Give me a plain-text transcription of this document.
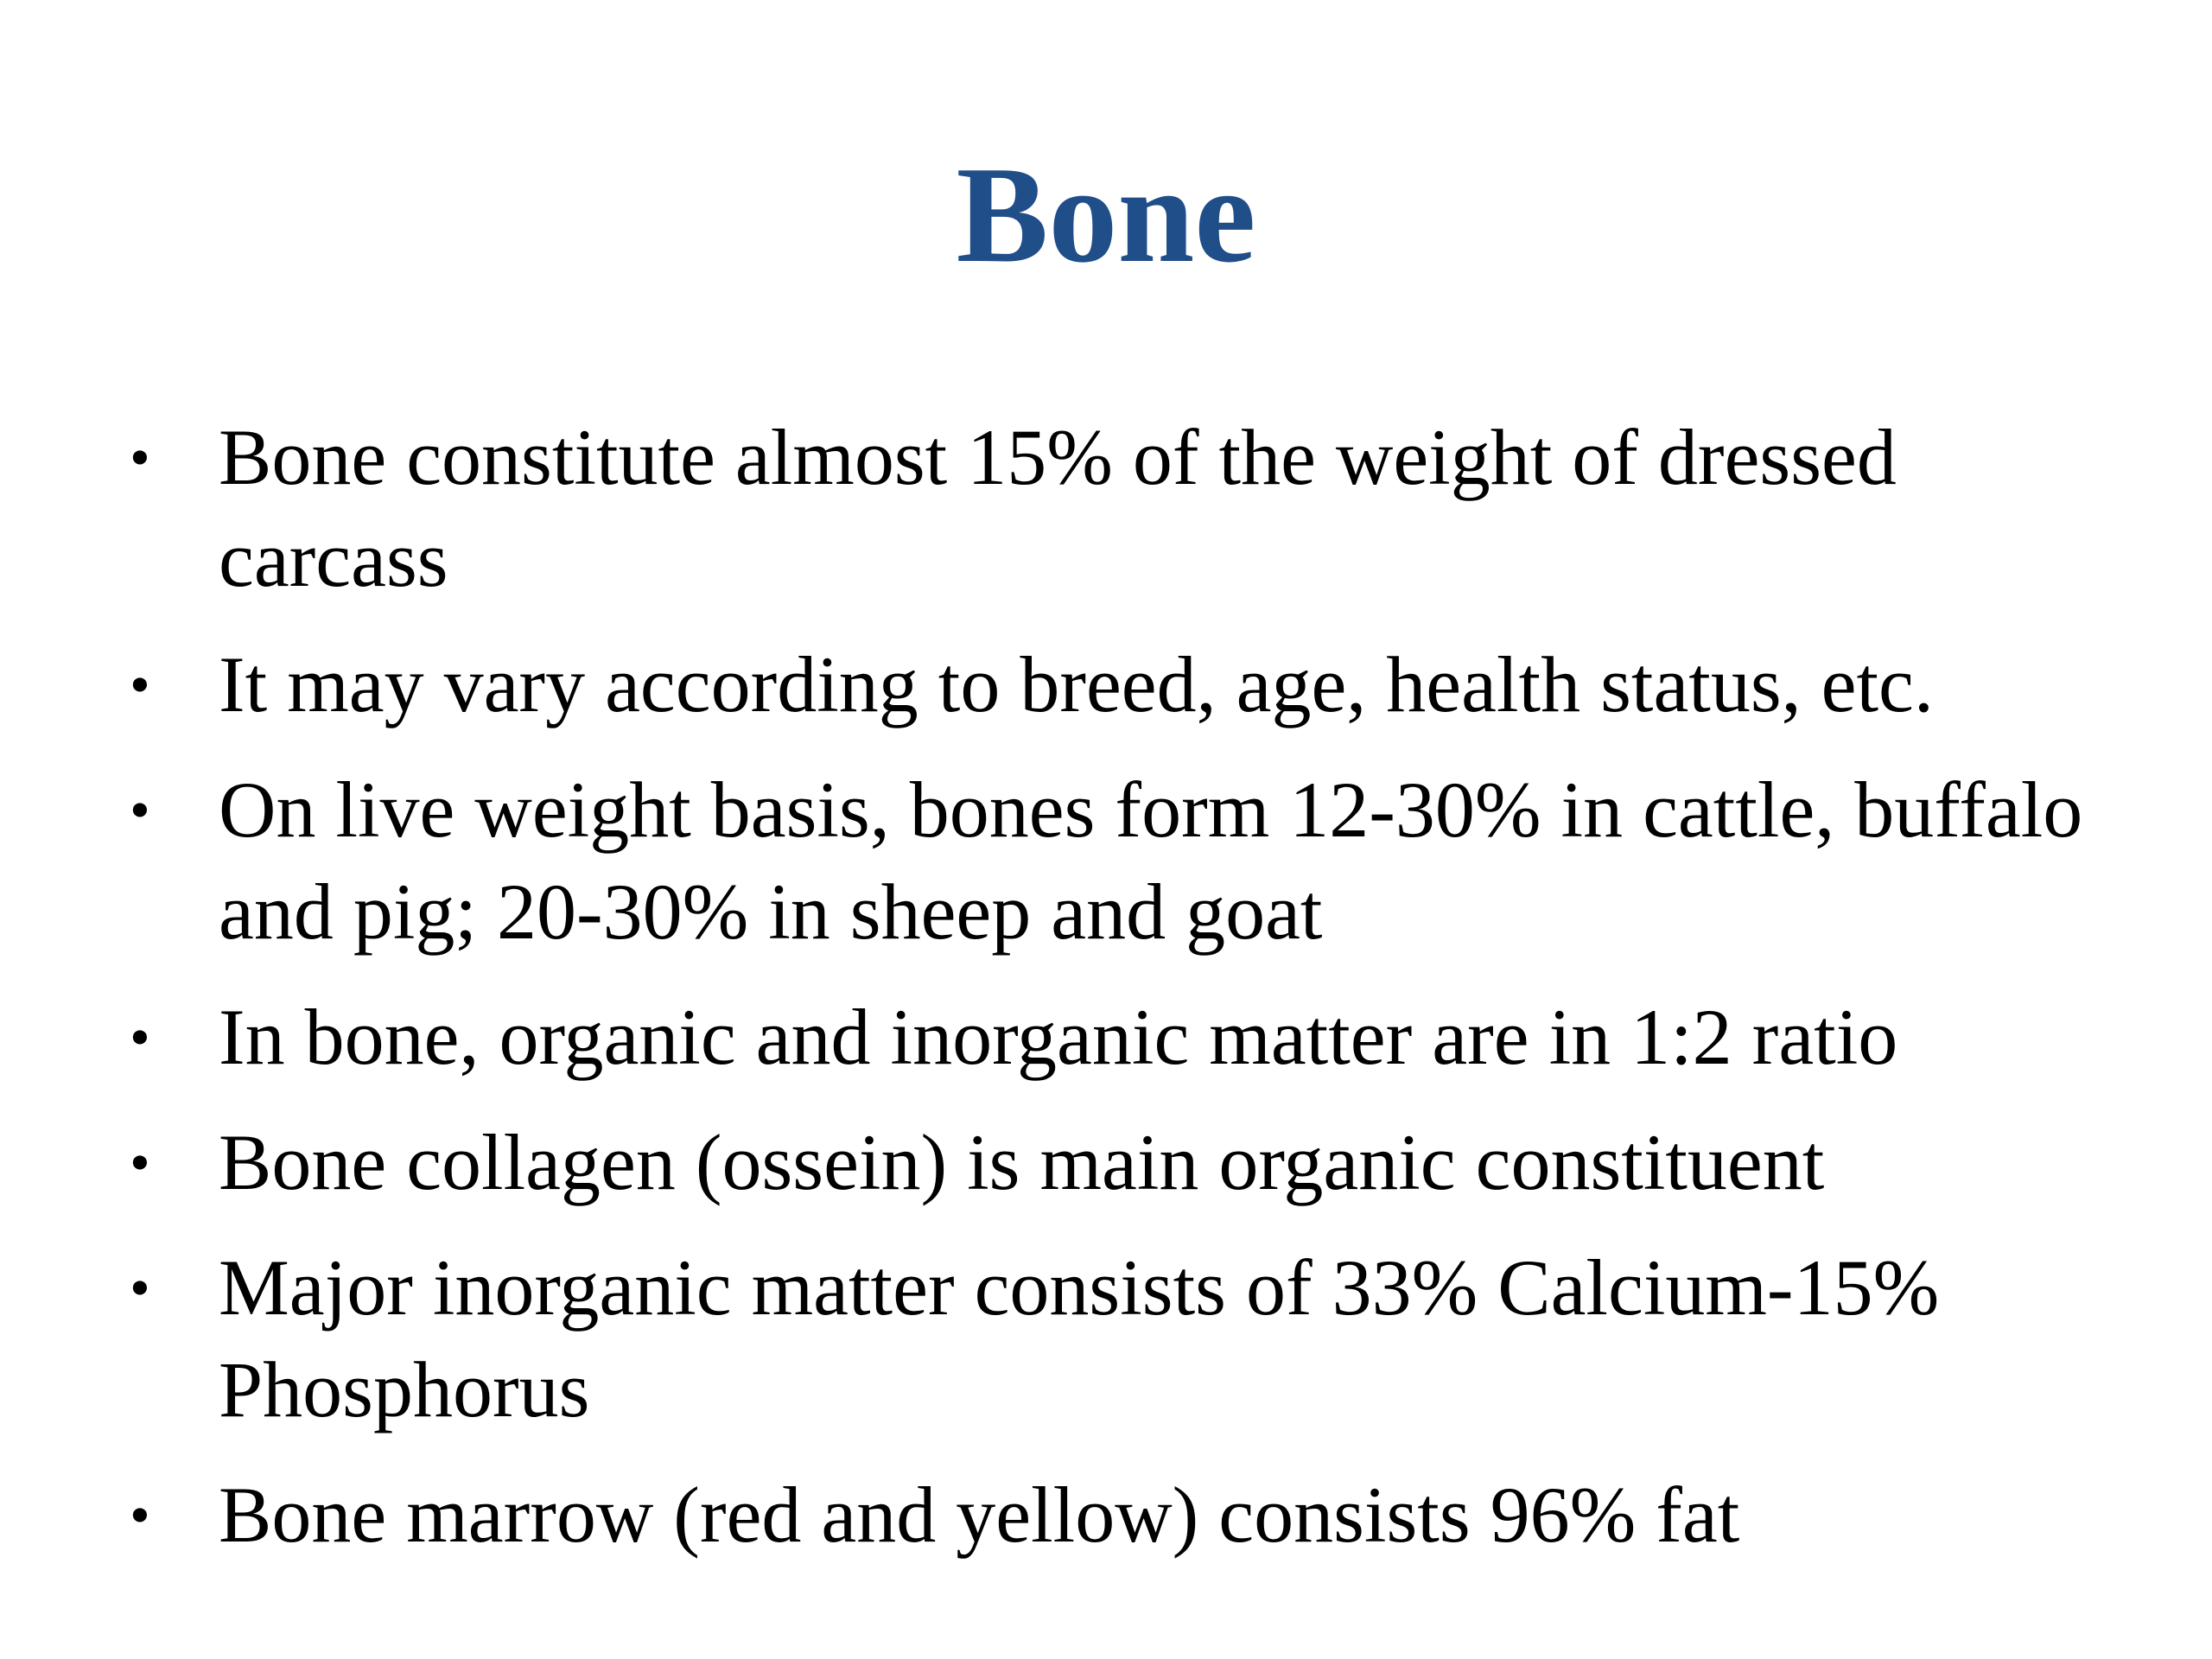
Bone
• Bone constitute almost 15% of the weight of dressed carcass
• It may vary according to breed, age, health status, etc.
• On live weight basis, bones form 12-30% in cattle, buffalo and pig; 20-30% in sheep and goat
• In bone, organic and inorganic matter are in 1:2 ratio
• Bone collagen (ossein) is main organic constituent
• Major inorganic matter consists of 33% Calcium-15% Phosphorus
• Bone marrow (red and yellow) consists 96% fat
